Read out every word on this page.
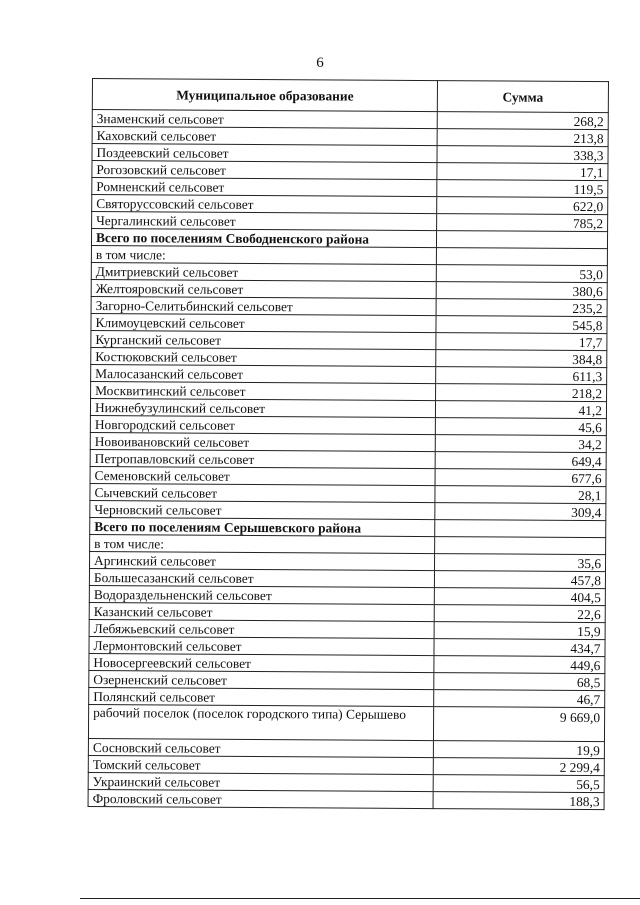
6
Муниципальное образование	Сумма
Знаменский сельсовет	268,2
Каховский сельсовет	213,8
Поздеевский сельсовет	338,3
Рогозовский сельсовет	17,1
Ромненский сельсовет	119,5
Святоруссовский сельсовет	622,0
Чергалинский сельсовет	785,2
Всего по поселениям Свободненского района	
в том числе:	
Дмитриевский сельсовет	53,0
Желтояровский сельсовет	380,6
Загорно-Селитьбинский сельсовет	235,2
Климоуцевский сельсовет	545,8
Курганский сельсовет	17,7
Костюковский сельсовет	384,8
Малосазанский сельсовет	611,3
Москвитинский сельсовет	218,2
Нижнебузулинский сельсовет	41,2
Новгородский сельсовет	45,6
Новоивановский сельсовет	34,2
Петропавловский сельсовет	649,4
Семеновский сельсовет	677,6
Сычевский сельсовет	28,1
Черновский сельсовет	309,4
Всего по поселениям Серышевского района	
в том числе:	
Аргинский сельсовет	35,6
Большесазанский сельсовет	457,8
Водораздельненский сельсовет	404,5
Казанский сельсовет	22,6
Лебяжьевский сельсовет	15,9
Лермонтовский сельсовет	434,7
Новосергеевский сельсовет	449,6
Озерненский сельсовет	68,5
Полянский сельсовет	46,7
рабочий поселок (поселок городского типа) Серышево	9 669,0
Сосновский сельсовет	19,9
Томский сельсовет	2 299,4
Украинский сельсовет	56,5
Фроловский сельсовет	188,3
